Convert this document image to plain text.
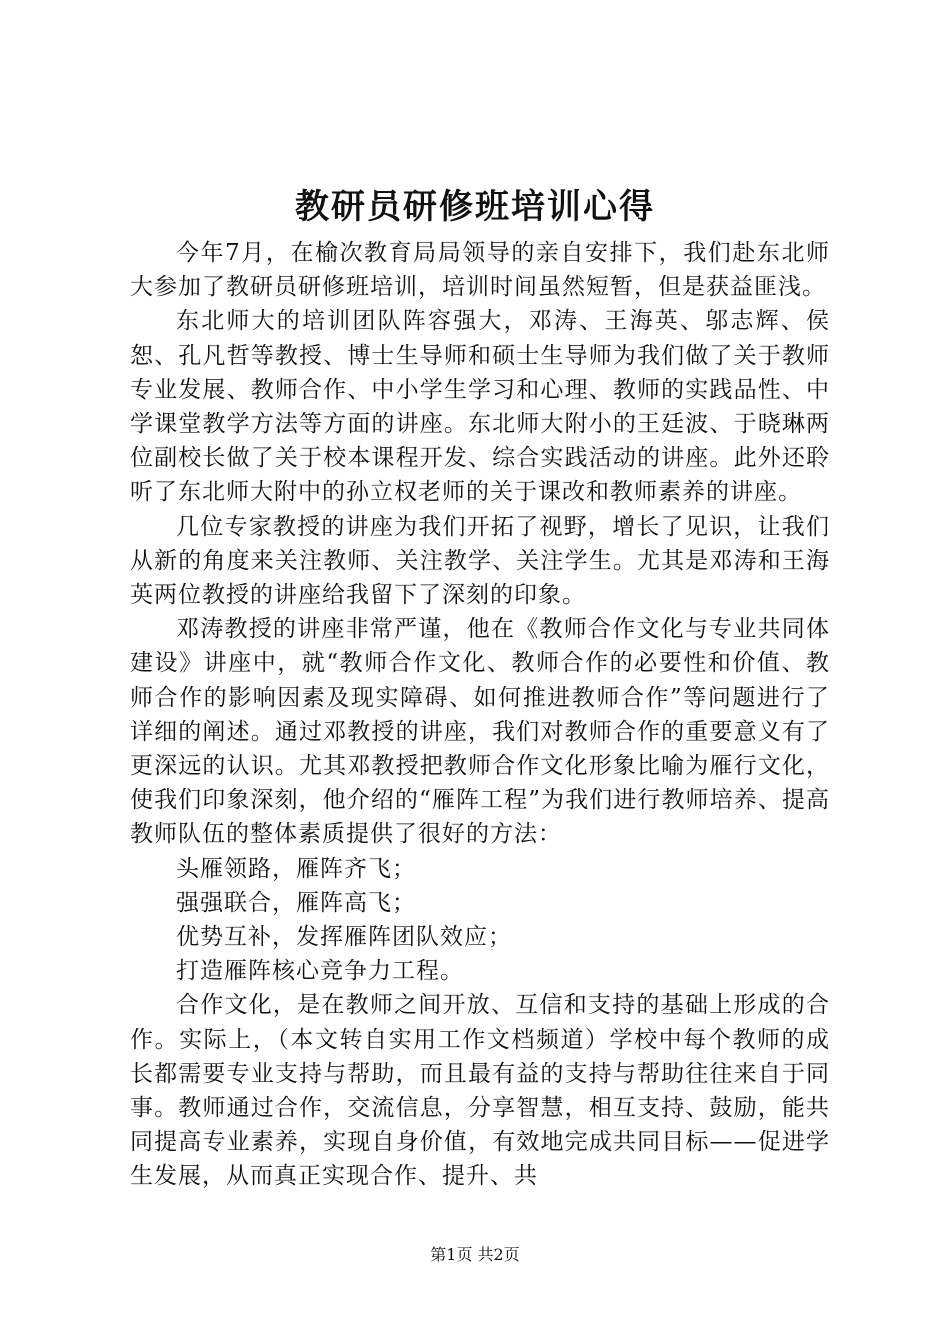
教研员研修班培训心得

今年7月，在榆次教育局局领导的亲自安排下，我们赴东北师大参加了教研员研修班培训，培训时间虽然短暂，但是获益匪浅。

东北师大的培训团队阵容强大，邓涛、王海英、邬志辉、侯恕、孔凡哲等教授、博士生导师和硕士生导师为我们做了关于教师专业发展、教师合作、中小学生学习和心理、教师的实践品性、中学课堂教学方法等方面的讲座。东北师大附小的王廷波、于晓琳两位副校长做了关于校本课程开发、综合实践活动的讲座。此外还聆听了东北师大附中的孙立权老师的关于课改和教师素养的讲座。

几位专家教授的讲座为我们开拓了视野，增长了见识，让我们从新的角度来关注教师、关注教学、关注学生。尤其是邓涛和王海英两位教授的讲座给我留下了深刻的印象。

邓涛教授的讲座非常严谨，他在《教师合作文化与专业共同体建设》讲座中，就“教师合作文化、教师合作的必要性和价值、教师合作的影响因素及现实障碍、如何推进教师合作”等问题进行了详细的阐述。通过邓教授的讲座，我们对教师合作的重要意义有了更深远的认识。尤其邓教授把教师合作文化形象比喻为雁行文化，使我们印象深刻，他介绍的“雁阵工程”为我们进行教师培养、提高教师队伍的整体素质提供了很好的方法：

头雁领路，雁阵齐飞；

强强联合，雁阵高飞；

优势互补，发挥雁阵团队效应；

打造雁阵核心竞争力工程。

合作文化，是在教师之间开放、互信和支持的基础上形成的合作。实际上，（本文转自实用工作文档频道）学校中每个教师的成长都需要专业支持与帮助，而且最有益的支持与帮助往往来自于同事。教师通过合作，交流信息，分享智慧，相互支持、鼓励，能共同提高专业素养，实现自身价值，有效地完成共同目标——促进学生发展，从而真正实现合作、提升、共

第1页 共2页
